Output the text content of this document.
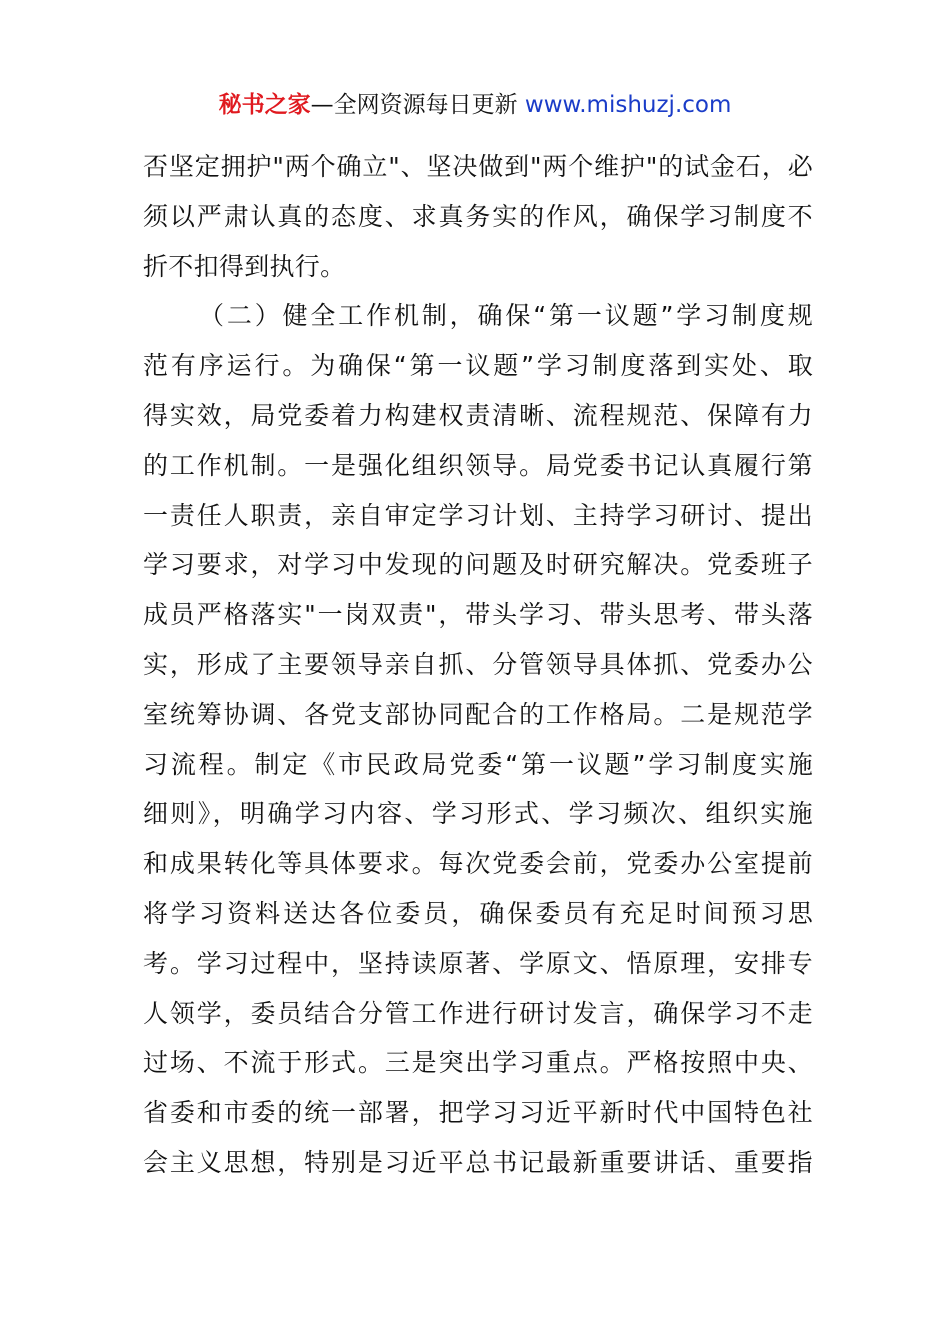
秘书之家—全网资源每日更新 www.mishuzj.com
否坚定拥护"两个确立"、坚决做到"两个维护"的试金石，必
须以严肃认真的态度、求真务实的作风，确保学习制度不
折不扣得到执行。
（二）健全工作机制，确保“第一议题”学习制度规
范有序运行。为确保“第一议题”学习制度落到实处、取
得实效，局党委着力构建权责清晰、流程规范、保障有力
的工作机制。一是强化组织领导。局党委书记认真履行第
一责任人职责，亲自审定学习计划、主持学习研讨、提出
学习要求，对学习中发现的问题及时研究解决。党委班子
成员严格落实"一岗双责"，带头学习、带头思考、带头落
实，形成了主要领导亲自抓、分管领导具体抓、党委办公
室统筹协调、各党支部协同配合的工作格局。二是规范学
习流程。制定《市民政局党委“第一议题”学习制度实施
细则》，明确学习内容、学习形式、学习频次、组织实施
和成果转化等具体要求。每次党委会前，党委办公室提前
将学习资料送达各位委员，确保委员有充足时间预习思
考。学习过程中，坚持读原著、学原文、悟原理，安排专
人领学，委员结合分管工作进行研讨发言，确保学习不走
过场、不流于形式。三是突出学习重点。严格按照中央、
省委和市委的统一部署，把学习习近平新时代中国特色社
会主义思想，特别是习近平总书记最新重要讲话、重要指
